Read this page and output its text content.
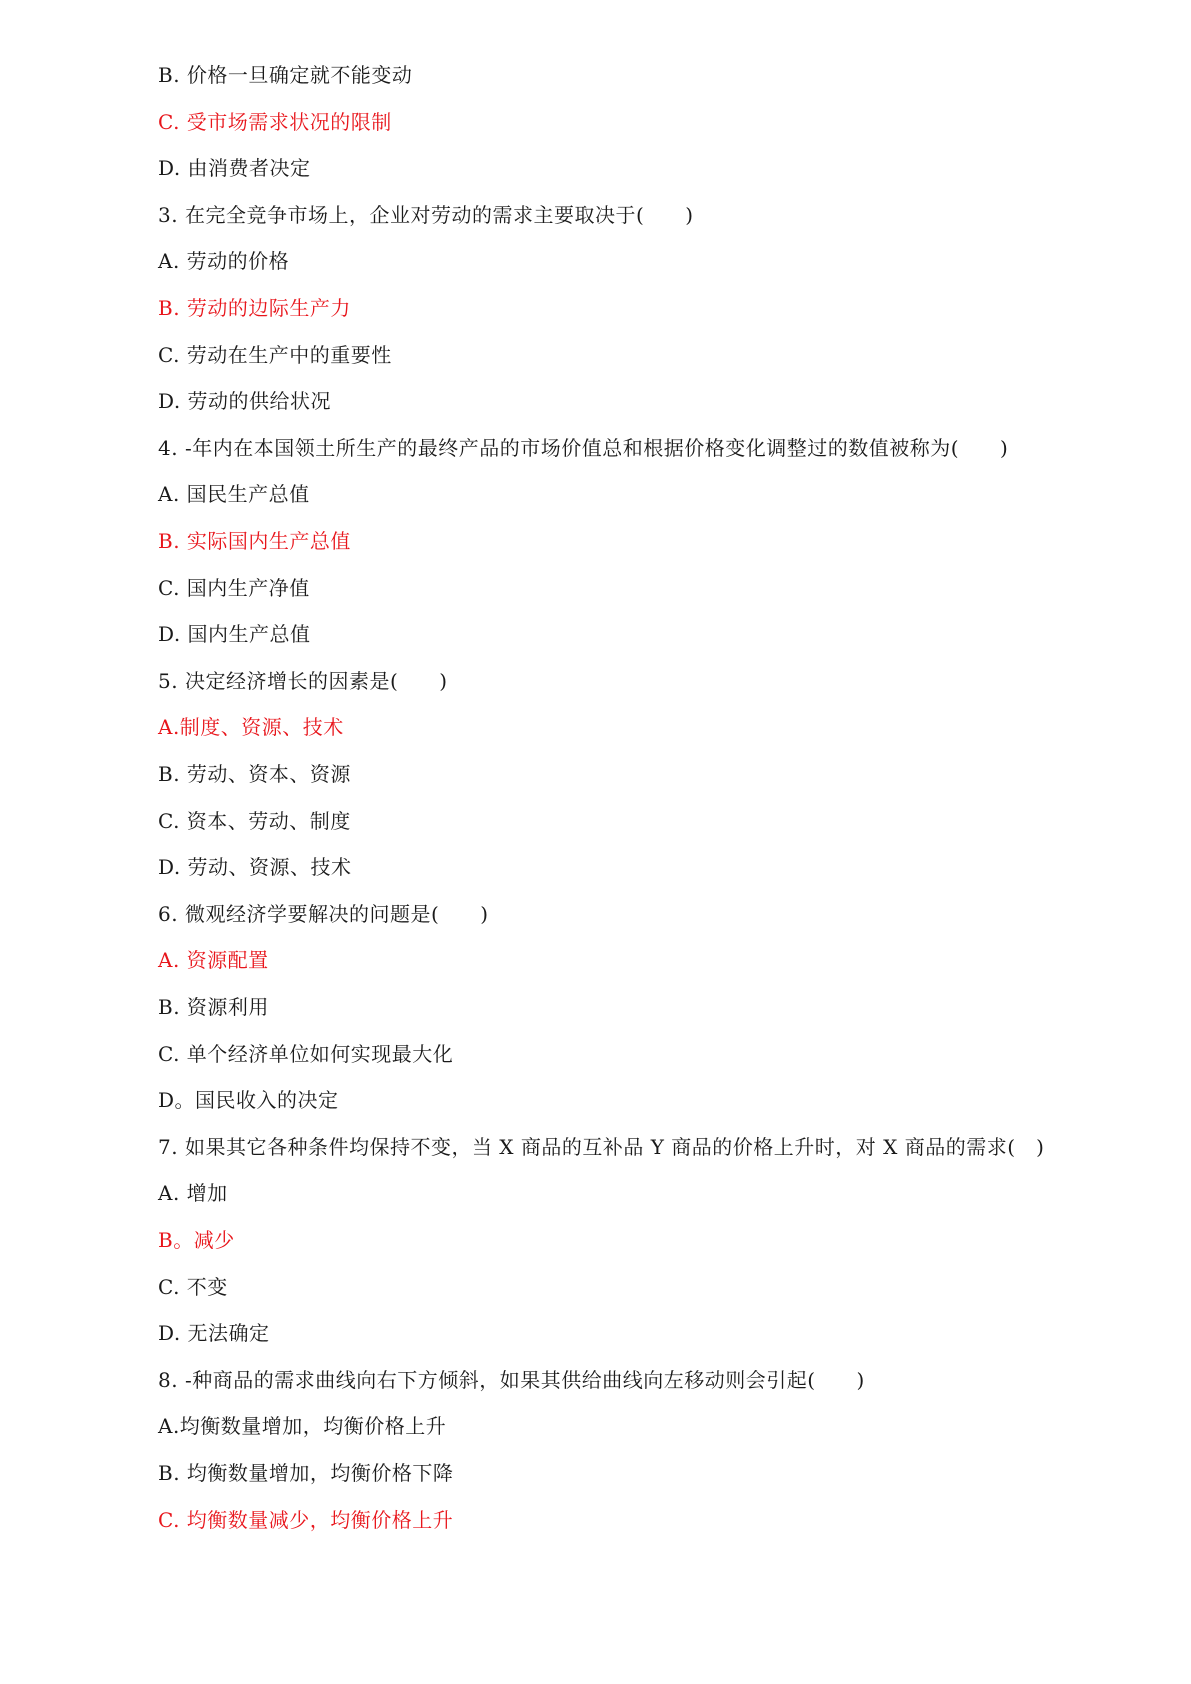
B. 价格一旦确定就不能变动
C. 受市场需求状况的限制
D. 由消费者决定
3. 在完全竞争市场上，企业对劳动的需求主要取决于(　　)
A. 劳动的价格
B. 劳动的边际生产力
C. 劳动在生产中的重要性
D. 劳动的供给状况
4. -年内在本国领土所生产的最终产品的市场价值总和根据价格变化调整过的数值被称为(　　)
A. 国民生产总值
B. 实际国内生产总值
C. 国内生产净值
D. 国内生产总值
5. 决定经济增长的因素是(　　)
A.制度、资源、技术
B. 劳动、资本、资源
C. 资本、劳动、制度
D. 劳动、资源、技术
6. 微观经济学要解决的问题是(　　)
A. 资源配置
B. 资源利用
C. 单个经济单位如何实现最大化
D。国民收入的决定
7. 如果其它各种条件均保持不变，当 X 商品的互补品 Y 商品的价格上升时，对 X 商品的需求(　)
A. 增加
B。减少
C. 不变
D. 无法确定
8. -种商品的需求曲线向右下方倾斜，如果其供给曲线向左移动则会引起(　　)
A.均衡数量增加，均衡价格上升
B. 均衡数量增加，均衡价格下降
C. 均衡数量减少，均衡价格上升
